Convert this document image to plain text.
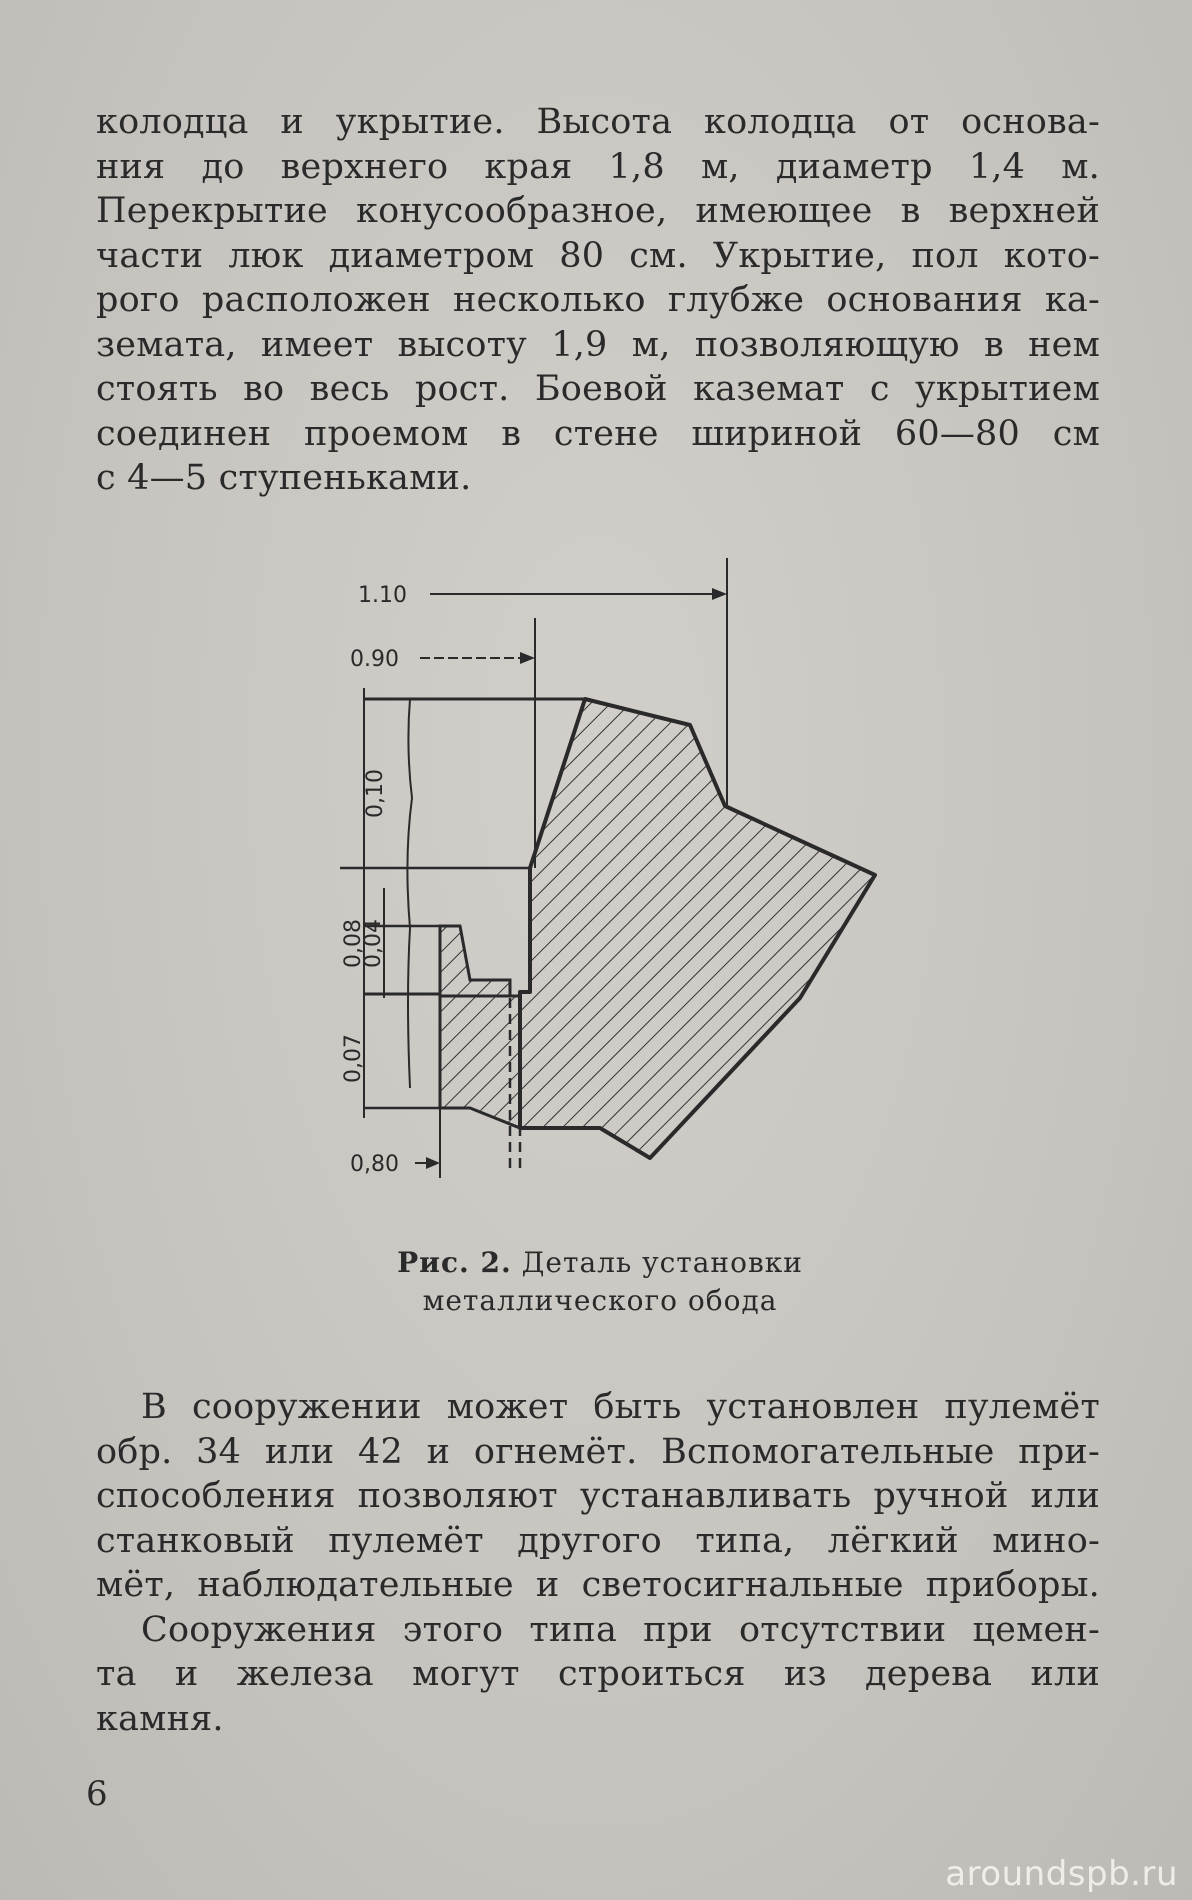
колодца и укрытие. Высота колодца от основа-
ния до верхнего края 1,8 м, диаметр 1,4 м.
Перекрытие конусообразное, имеющее в верхней
части люк диаметром 80 см. Укрытие, пол кото-
рого расположен несколько глубже основания ка-
земата, имеет высоту 1,9 м, позволяющую в нем
стоять во весь рост. Боевой каземат с укрытием
соединен проемом в стене шириной 60—80 см
с 4—5 ступеньками.
1.10
0.90
0,80
0,10
0,08
0,04
0,07
Рис. 2. Деталь установки
металлического обода
В сооружении может быть установлен пулемёт
обр. 34 или 42 и огнемёт. Вспомогательные при-
способления позволяют устанавливать ручной или
станковый пулемёт другого типа, лёгкий мино-
мёт, наблюдательные и светосигнальные приборы.
Сооружения этого типа при отсутствии цемен-
та и железа могут строиться из дерева или
камня.
6
aroundspb.ru
